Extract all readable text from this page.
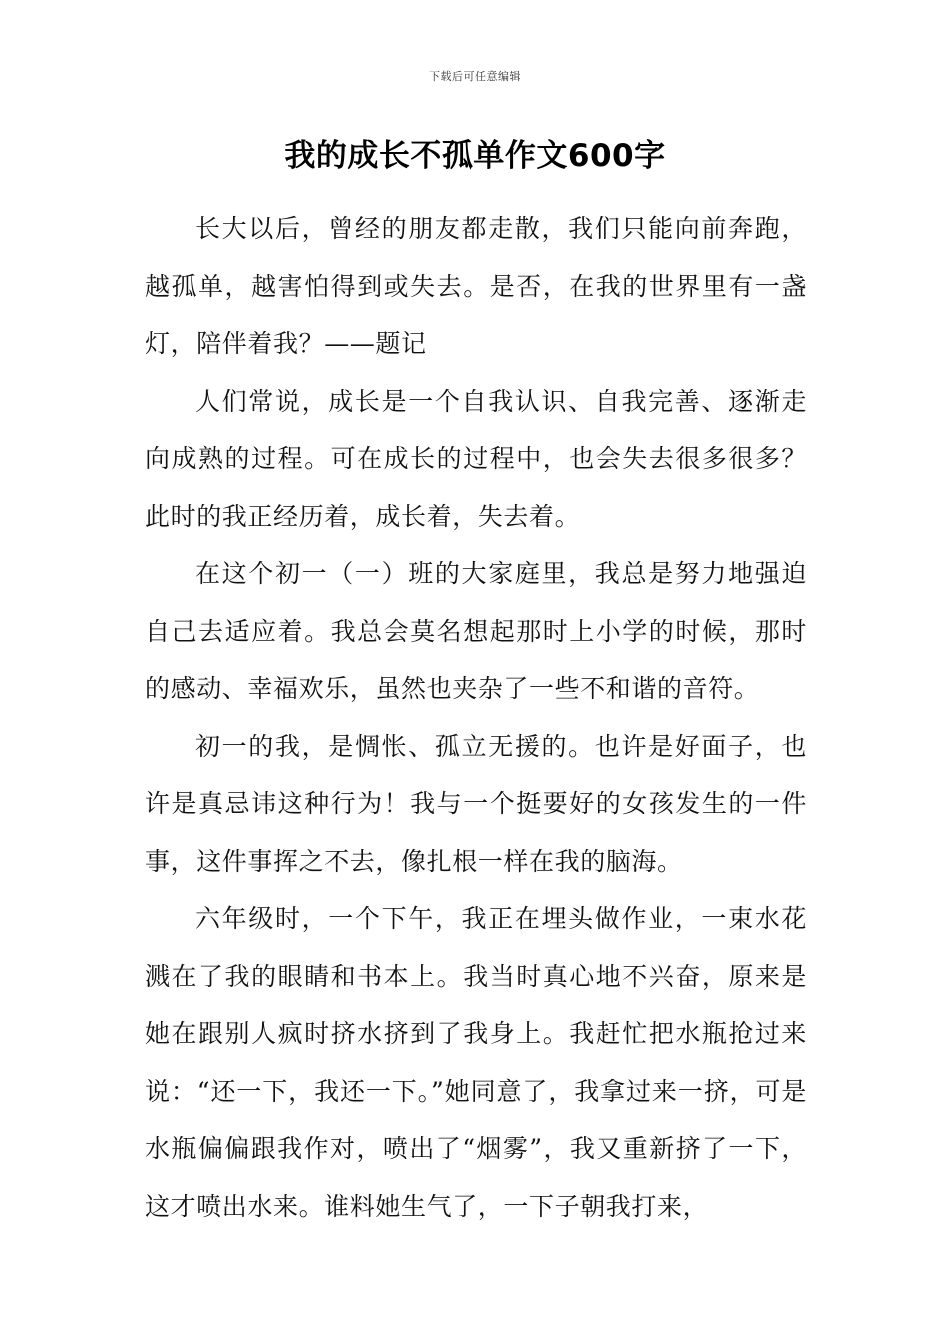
下载后可任意编辑
我的成长不孤单作文600字

长大以后，曾经的朋友都走散，我们只能向前奔跑，越孤单，越害怕得到或失去。是否，在我的世界里有一盏灯，陪伴着我？——题记

人们常说，成长是一个自我认识、自我完善、逐渐走向成熟的过程。可在成长的过程中，也会失去很多很多？此时的我正经历着，成长着，失去着。

在这个初一（一）班的大家庭里，我总是努力地强迫自己去适应着。我总会莫名想起那时上小学的时候，那时的感动、幸福欢乐，虽然也夹杂了一些不和谐的音符。

初一的我，是惆怅、孤立无援的。也许是好面子，也许是真忌讳这种行为！我与一个挺要好的女孩发生的一件事，这件事挥之不去，像扎根一样在我的脑海。

六年级时，一个下午，我正在埋头做作业，一束水花溅在了我的眼睛和书本上。我当时真心地不兴奋，原来是她在跟别人疯时挤水挤到了我身上。我赶忙把水瓶抢过来说：“还一下，我还一下。”她同意了，我拿过来一挤，可是水瓶偏偏跟我作对，喷出了“烟雾”，我又重新挤了一下，这才喷出水来。谁料她生气了，一下子朝我打来，
